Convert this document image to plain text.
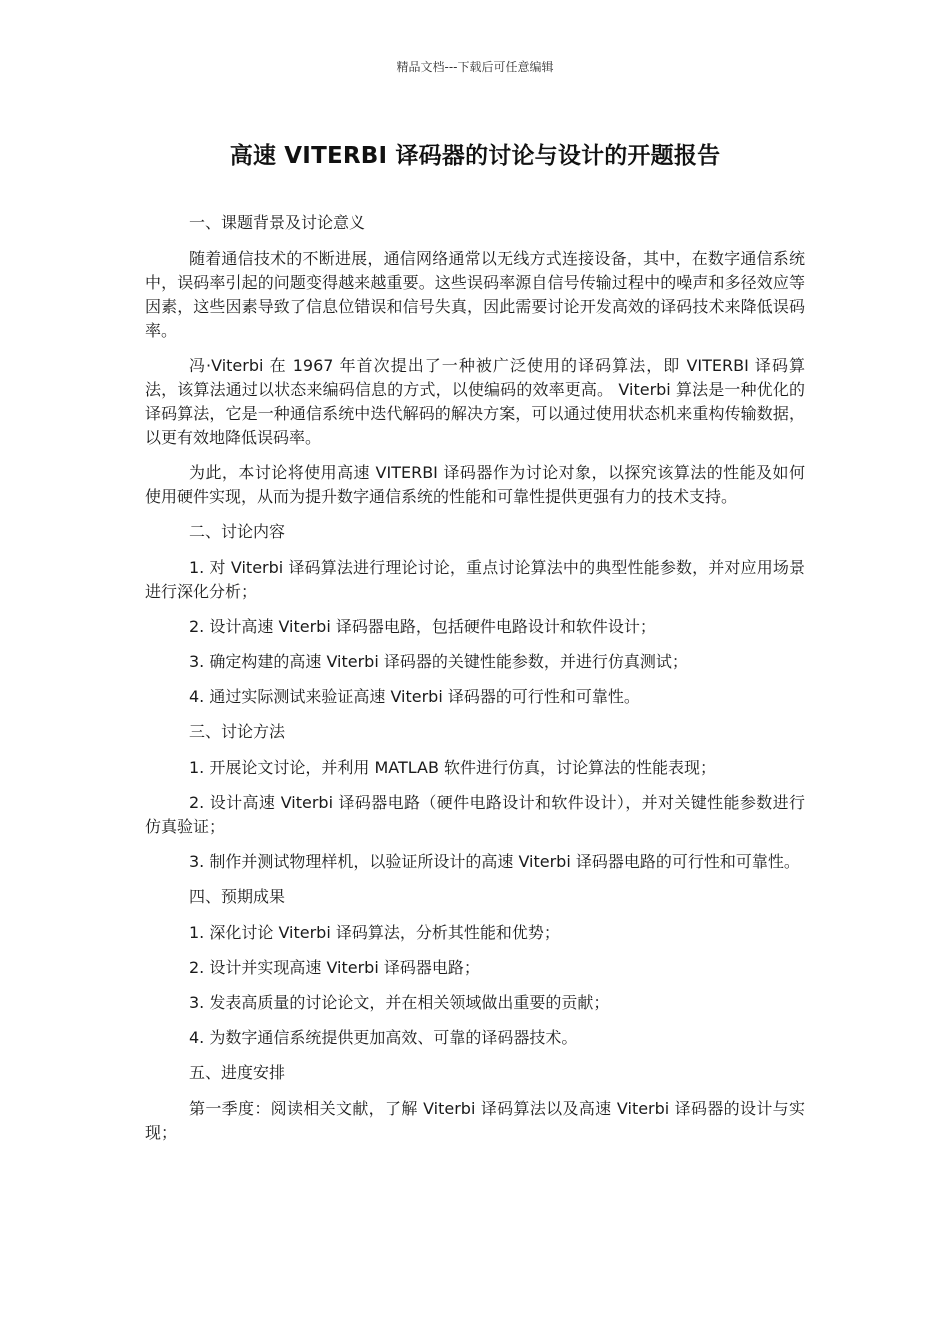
精品文档---下载后可任意编辑
高速 VITERBI 译码器的讨论与设计的开题报告

一、课题背景及讨论意义

随着通信技术的不断进展，通信网络通常以无线方式连接设备，其中，在数字通信系统中，误码率引起的问题变得越来越重要。这些误码率源自信号传输过程中的噪声和多径效应等因素，这些因素导致了信息位错误和信号失真，因此需要讨论开发高效的译码技术来降低误码率。

冯·Viterbi 在 1967 年首次提出了一种被广泛使用的译码算法，即 VITERBI 译码算法，该算法通过以状态来编码信息的方式，以使编码的效率更高。 Viterbi 算法是一种优化的译码算法，它是一种通信系统中迭代解码的解决方案，可以通过使用状态机来重构传输数据，以更有效地降低误码率。

为此，本讨论将使用高速 VITERBI 译码器作为讨论对象，以探究该算法的性能及如何使用硬件实现，从而为提升数字通信系统的性能和可靠性提供更强有力的技术支持。

二、讨论内容

1. 对 Viterbi 译码算法进行理论讨论，重点讨论算法中的典型性能参数，并对应用场景进行深化分析；

2. 设计高速 Viterbi 译码器电路，包括硬件电路设计和软件设计；

3. 确定构建的高速 Viterbi 译码器的关键性能参数，并进行仿真测试；

4. 通过实际测试来验证高速 Viterbi 译码器的可行性和可靠性。

三、讨论方法

1. 开展论文讨论，并利用 MATLAB 软件进行仿真，讨论算法的性能表现；

2. 设计高速 Viterbi 译码器电路（硬件电路设计和软件设计），并对关键性能参数进行仿真验证；

3. 制作并测试物理样机，以验证所设计的高速 Viterbi 译码器电路的可行性和可靠性。

四、预期成果

1. 深化讨论 Viterbi 译码算法，分析其性能和优势；

2. 设计并实现高速 Viterbi 译码器电路；

3. 发表高质量的讨论论文，并在相关领域做出重要的贡献；

4. 为数字通信系统提供更加高效、可靠的译码器技术。

五、进度安排

第一季度：阅读相关文献，了解 Viterbi 译码算法以及高速 Viterbi 译码器的设计与实现；
